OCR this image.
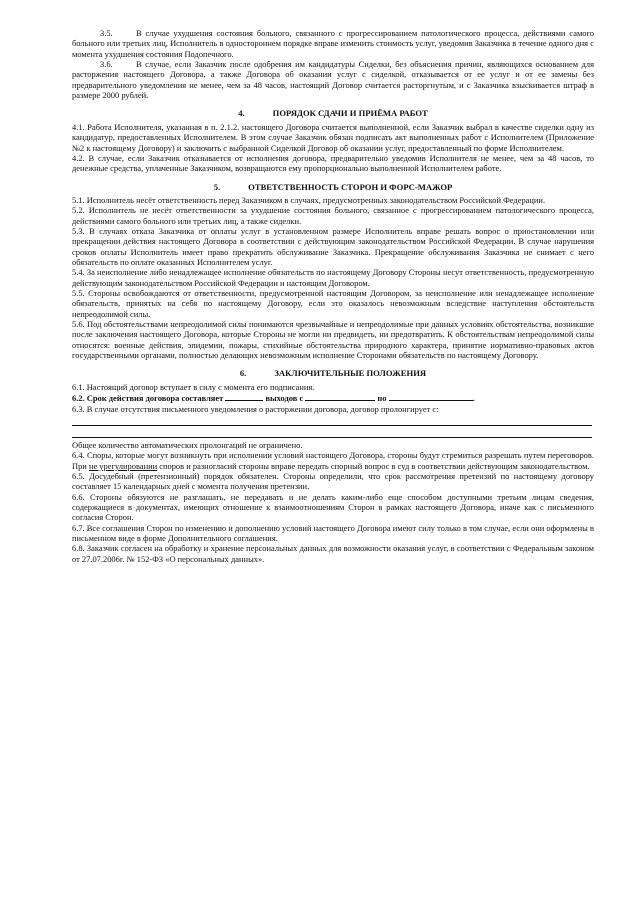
3.5.	В случае ухудшения состояния больного, связанного с прогрессированием патологического процесса, действиями самого больного или третьих лиц, Исполнитель в одностороннем порядке вправе изменить стоимость услуг, уведомив Заказчика в течение одного дня с момента ухудшения состояния Подопечного.

3.6.	В случае, если Заказчик после одобрения им кандидатуры Сиделки, без объяснения причин, являющихся основанием для расторжения настоящего Договора, а также Договора об оказании услуг с сиделкой, отказывается от ее услуг и от ее замены без предварительного уведомления не менее, чем за 48 часов, настоящий Договор считается расторгнутым, и с Заказчика взыскивается штраф в размере 2000 рублей.

4.	ПОРЯДОК СДАЧИ И ПРИЁМА РАБОТ

4.1. Работа Исполнителя, указанная в п. 2.1.2. настоящего Договора считается выполненной, если Заказчик выбрал в качестве сиделки одну из кандидатур, предоставленных Исполнителем. В этом случае Заказчик обязан подписать акт выполненных работ с Исполнителем (Приложение №2 к настоящему Договору) и заключить с выбранной Сиделкой Договор об оказании услуг, предоставленный по форме Исполнителем.

4.2. В случае, если Заказчик отказывается от исполнения договора, предварительно уведомив Исполнителя не менее, чем за 48 часов, то денежные средства, уплаченные Заказчиком, возвращаются ему пропорционально выполненной Исполнителем работе.

5.	ОТВЕТСТВЕННОСТЬ СТОРОН И ФОРС-МАЖОР

5.1. Исполнитель несёт ответственность перед Заказчиком в случаях, предусмотренных законодательством Российской Федерации.

5.2. Исполнитель не несёт ответственности за ухудшение состояния больного, связанное с прогрессированием патологического процесса, действиями самого больного или третьих лиц, а также сиделки.

5.3. В случаях отказа Заказчика от оплаты услуг в установленном размере Исполнитель вправе решать вопрос о приостановлении или прекращении действия настоящего Договора в соответствии с действующим законодательством Российской Федерации. В случае нарушения сроков оплаты Исполнитель имеет право прекратить обслуживание Заказчика. Прекращение обслуживания Заказчика не снимает с него обязательств по оплате оказанных Исполнителем услуг.

5.4. За неисполнение либо ненадлежащее исполнение обязательств по настоящему Договору Стороны несут ответственность, предусмотренную действующим законодательством Российской Федерации и настоящим Договором.

5.5. Стороны освобождаются от ответственности, предусмотренной настоящим Договором, за неисполнение или ненадлежащее исполнение обязательств, принятых на себя по настоящему Договору, если это оказалось невозможным вследствие наступления обстоятельств непреодолимой силы.

5.6. Под обстоятельствами непреодолимой силы понимаются чрезвычайные и непреодолимые при данных условиях обстоятельства, возникшие после заключения настоящего Договора, которые Стороны не могли ни предвидеть, ни предотвратить. К обстоятельствам непреодолимой силы относятся: военные действия, эпидемии, пожары, стихийные обстоятельства природного характера, принятие нормативно-правовых актов государственными органами, полностью делающих невозможным исполнение Сторонами обязательств по настоящему Договору.

6.	ЗАКЛЮЧИТЕЛЬНЫЕ ПОЛОЖЕНИЯ

6.1. Настоящий договор вступает в силу с момента его подписания.

6.2. Срок действия договора составляет	выходов с	по	.

6.3. В случае отсутствия письменного уведомления о расторжении договора, договор пролонгирует с:

Общее количество автоматических пролонгаций не ограничено.

6.4. Споры, которые могут возникнуть при исполнении условий настоящего Договора, стороны будут стремиться разрешать путем переговоров. При не урегулировании споров и разногласий стороны вправе передать спорный вопрос в суд в соответствии действующим законодательством.

6.5. Досудебный (претензионный) порядок обязателен. Стороны определили, что срок рассмотрения претензий по настоящему договору составляет 15 календарных дней с момента получения претензии.

6.6. Стороны обязуются не разглашать, не передавать и не делать каким-либо еще способом доступными третьим лицам сведения, содержащиеся в документах, имеющих отношение к взаимоотношениям Сторон в рамках настоящего Договора, иначе как с письменного согласия Сторон.

6.7. Все соглашения Сторон по изменению и дополнению условий настоящего Договора имеют силу только в том случае, если они оформлены в письменном виде в форме Дополнительного соглашения.

6.8. Заказчик согласен на обработку и хранение персональных данных для возможности оказания услуг, в соответствии с Федеральным законом от 27.07.2006г. № 152-ФЗ «О персональных данных».
